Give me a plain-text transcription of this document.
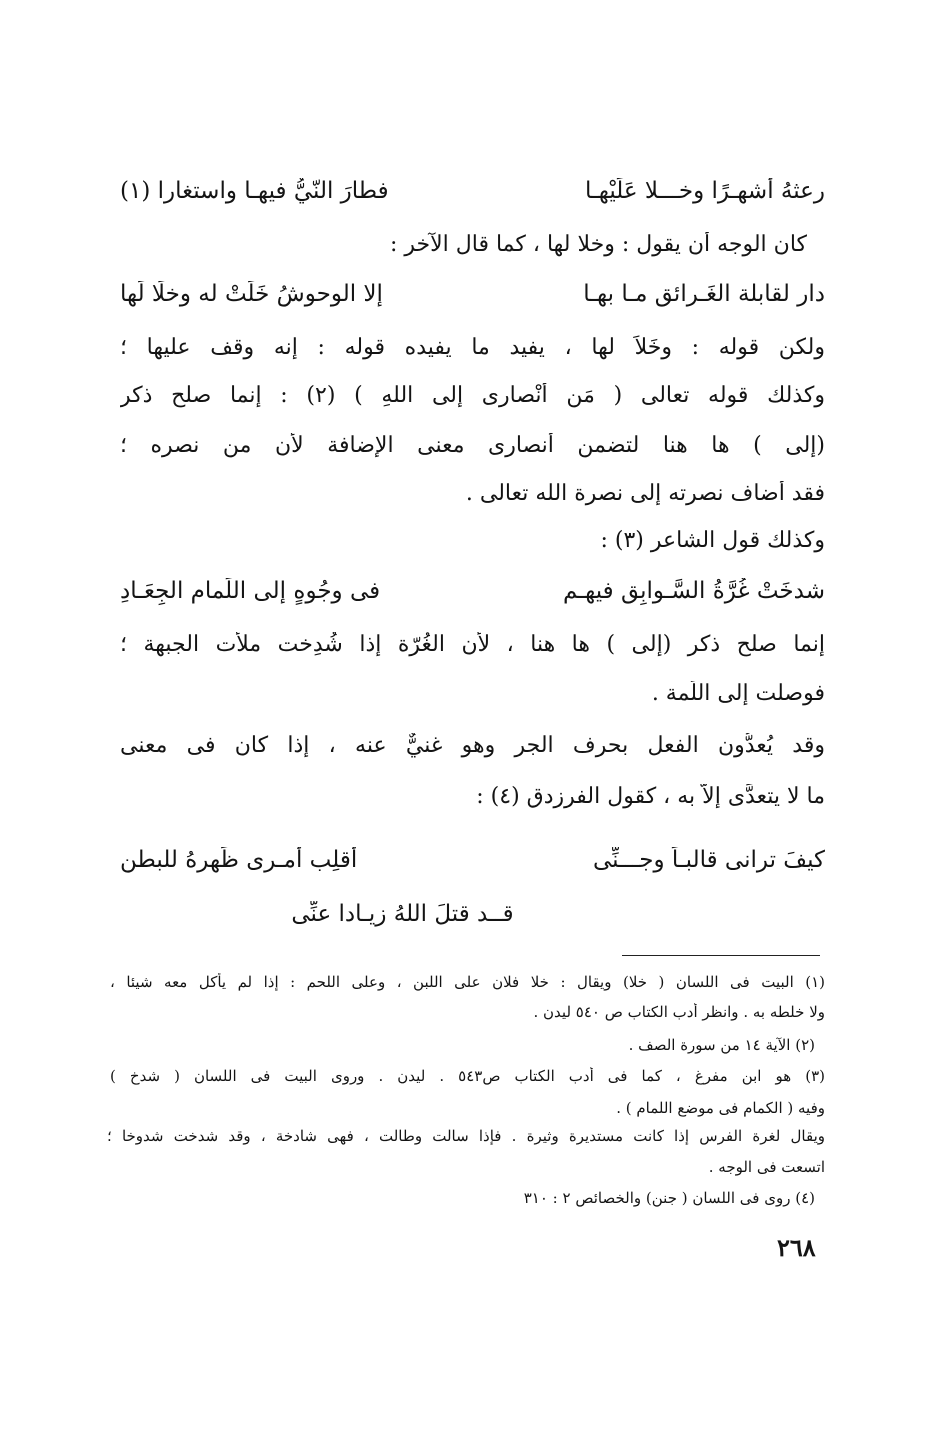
رعثهُ أشهـرًا وخـــلا عَلَيْهـا
فطارَ النّيُّ فيهـا واستغارا (١)
كان الوجه أن يقول : وخلا لها ، كما قال الآخر :
دار لقابلة الغَـرائق مـا بهـا
إلا الوحوشُ خَلَتْ له وخلَا لَها
ولكن قوله : وخَلاَ لها ، يفيد ما يفيده قوله : إنه وقف عليها ؛
وكذلك قوله تعالى ( مَن أنْصارى إلى اللهِ ) (٢) : إنما صلح ذكر
(إلى ) ها هنا لتضمن أنصارى معنى الإضافة لأن من نصره ؛
فقد أضاف نصرته إلى نصرة الله تعالى .
وكذلك قول الشاعر (٣) :
شدخَتْ غُرَّةُ السَّـوابِق فيهـم
فى وجُوهٍ إلى اللِّمام الجِعَـادِ
إنما صلح ذكر (إلى ) ها هنا ، لأن الغُرّة إذا شُدِخت ملأَت الجبهة ؛
فوصلت إلى اللِّمة .
وقد يُعدُّون الفعل بحرف الجر وهو غنيٌّ عنه ، إذا كان فى معنى
ما لا يتعدَّى إلاَّ به ، كقول الفرزدق (٤) :
كيفَ ترانى قالبـاً وجـــنِّى
أقلِب أمـرى ظَهرهُ للبطن
قــد قتلَ اللهُ زيـادا عنِّى
(١) البيت فى اللسان ( خلا) ويقال : خلا فلان على اللبن ، وعلى اللحم : إذا لم يأكل معه شيئا ،
ولا خلطه به . وانظر أدب الكتاب ص ٥٤٠ ليدن .
(٢) الآية ١٤ من سورة الصف .
(٣) هو ابن مفرغ ، كما فى أدب الكتاب ص٥٤٣ . ليدن . وروى البيت فى اللسان ( شدخ )
وفيه ( الكمام فى موضع اللمام ) .
ويقال لغرة الفرس إذا كانت مستديرة وثيرة . فإذا سالت وطالت ، فهى شادخة ، وقد شدخت شدوخا ؛
اتسعت فى الوجه .
(٤) روى فى اللسان ( جنن) والخصائص ٢ : ٣١٠
٢٦٨
